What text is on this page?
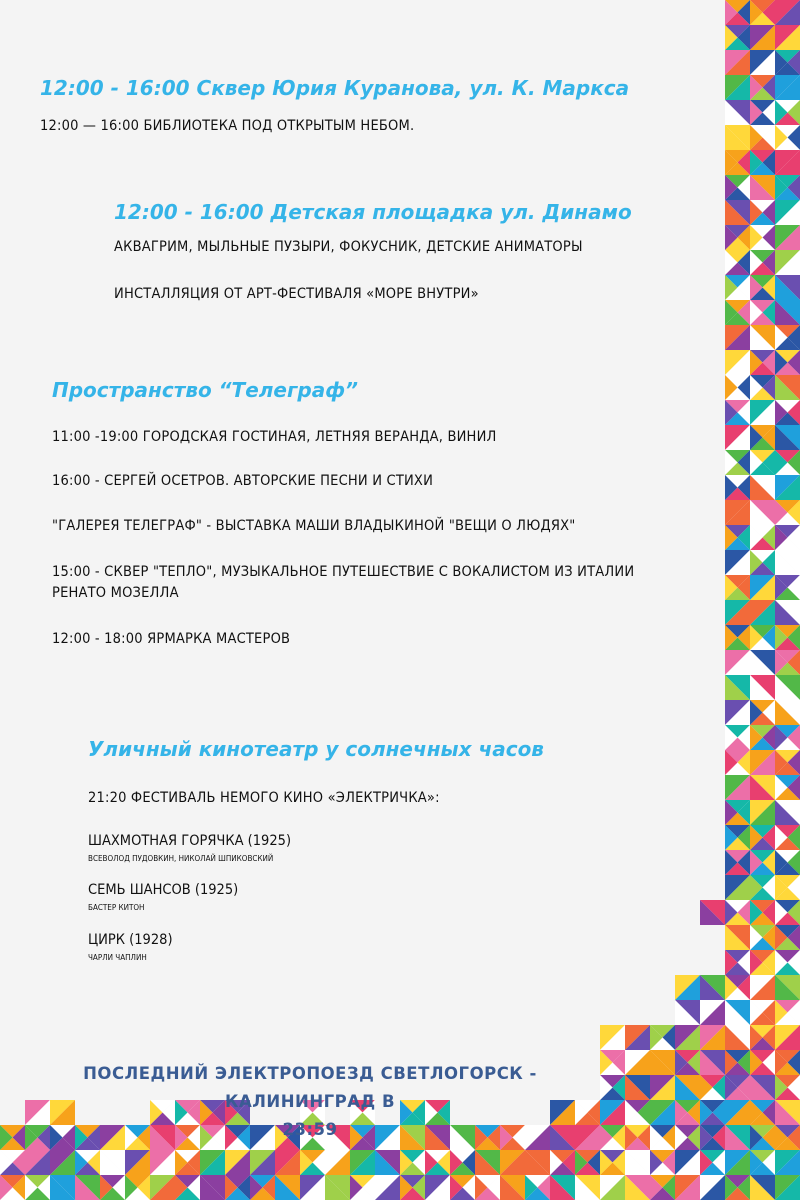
12:00 - 16:00 Сквер Юрия Куранова, ул. К. Маркса

12:00 — 16:00 БИБЛИОТЕКА ПОД ОТКРЫТЫМ НЕБОМ.

12:00 - 16:00 Детская площадка ул. Динамо

АКВАГРИМ, МЫЛЬНЫЕ ПУЗЫРИ, ФОКУСНИК, ДЕТСКИЕ АНИМАТОРЫ

ИНСТАЛЛЯЦИЯ ОТ АРТ-ФЕСТИВАЛЯ «МОРЕ ВНУТРИ»

Пространство “Телеграф”

11:00 -19:00 ГОРОДСКАЯ ГОСТИНАЯ, ЛЕТНЯЯ ВЕРАНДА, ВИНИЛ

16:00 - СЕРГЕЙ ОСЕТРОВ. АВТОРСКИЕ ПЕСНИ И СТИХИ

"ГАЛЕРЕЯ ТЕЛЕГРАФ" - ВЫСТАВКА МАШИ ВЛАДЫКИНОЙ "ВЕЩИ О ЛЮДЯХ"

15:00 - СКВЕР "ТЕПЛО", МУЗЫКАЛЬНОЕ ПУТЕШЕСТВИЕ С ВОКАЛИСТОМ ИЗ ИТАЛИИ РЕНАТО МОЗЕЛЛА

12:00 - 18:00 ЯРМАРКА МАСТЕРОВ

Уличный кинотеатр у солнечных часов

21:20 ФЕСТИВАЛЬ НЕМОГО КИНО «ЭЛЕКТРИЧКА»:

ШАХМОТНАЯ ГОРЯЧКА (1925)

ВСЕВОЛОД ПУДОВКИН, НИКОЛАЙ ШПИКОВСКИЙ

СЕМЬ ШАНСОВ (1925)

БАСТЕР КИТОН

ЦИРК (1928)

ЧАРЛИ ЧАПЛИН

ПОСЛЕДНИЙ ЭЛЕКТРОПОЕЗД СВЕТЛОГОРСК - КАЛИНИНГРАД В
23:59
